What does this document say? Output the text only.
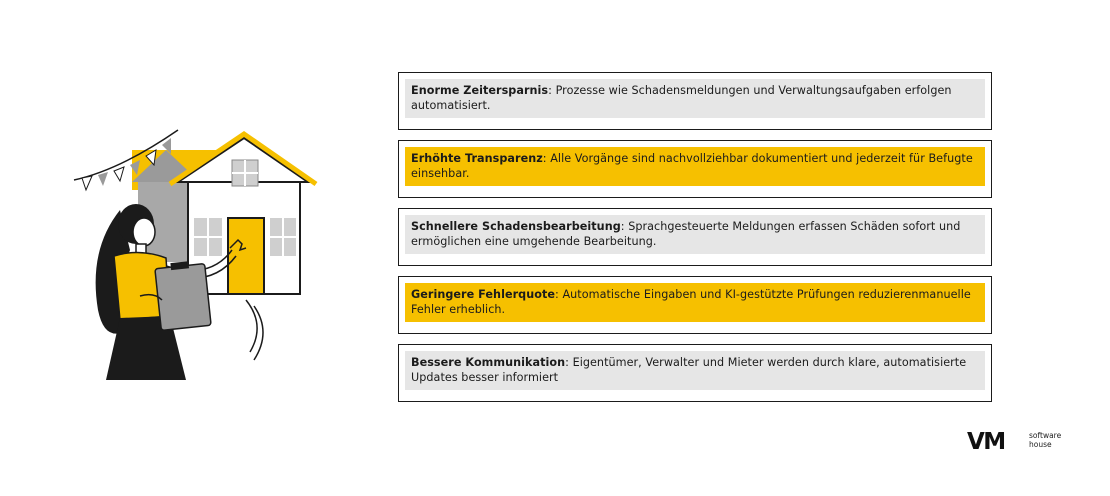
Enorme Zeitersparnis: Prozesse wie Schadensmeldungen und Verwaltungsaufgaben erfolgen automatisiert.
Erhöhte Transparenz: Alle Vorgänge sind nachvollziehbar dokumentiert und jederzeit für Befugte einsehbar.
Schnellere Schadensbearbeitung: Sprachgesteuerte Meldungen erfassen Schäden sofort und ermöglichen eine umgehende Bearbeitung.
Geringere Fehlerquote: Automatische Eingaben und KI-gestützte Prüfungen reduzierenmanuelle Fehler erheblich.
Bessere Kommunikation: Eigentümer, Verwalter und Mieter werden durch klare, automatisierte Updates besser informiert
VM	software
house
